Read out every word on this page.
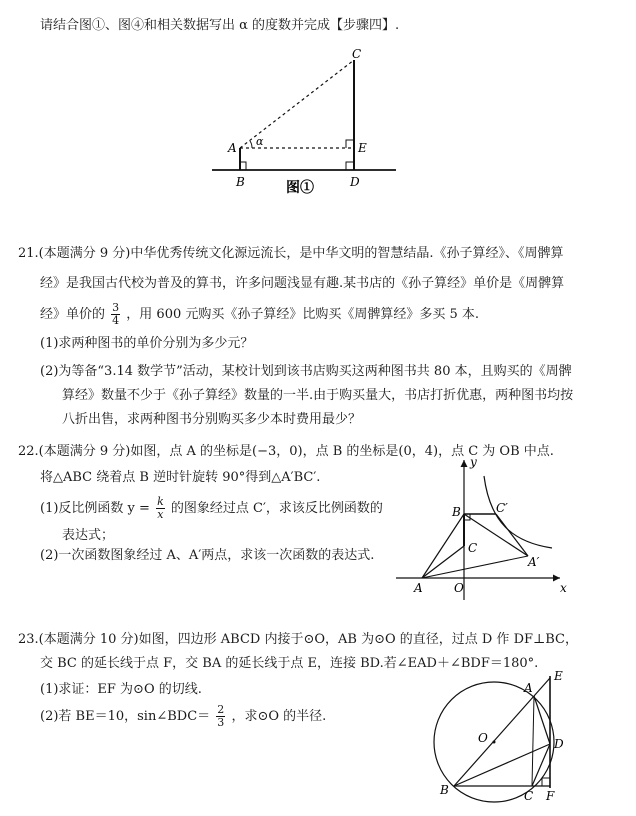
请结合图①、图④和相关数据写出 α 的度数并完成【步骤四】.
C
A α	E
B	D
图①
21.(本题满分 9 分)中华优秀传统文化源远流长，是中华文明的智慧结晶.《孙子算经》、《周髀算
经》是我国古代校为普及的算书，许多问题浅显有趣.某书店的《孙子算经》单价是《周髀算
经》单价的 $\frac{3}{4}$ ，用 600 元购买《孙子算经》比购买《周髀算经》多买 5 本.
(1)求两种图书的单价分别为多少元？
(2)为等备“3.14 数学节”活动，某校计划到该书店购买这两种图书共 80 本，且购买的《周髀
算经》数量不少于《孙子算经》数量的一半.由于购买量大，书店打折优惠，两种图书均按
八折出售，求两种图书分别购买多少本时费用最少？
22.(本题满分 9 分)如图，点 A 的坐标是(−3，0)，点 B 的坐标是(0，4)，点 C 为 OB 中点.
将△ABC 绕着点 B 逆时针旋转 90°得到△A′BC′.
(1)反比例函数 $y = \frac{k}{x}$ 的图象经过点 C′，求该反比例函数的
表达式；
(2)一次函数图象经过 A、A′两点，求该一次函数的表达式.
y
x
B
C
C′
A′
A	O
23.(本题满分 10 分)如图，四边形 ABCD 内接于⊙O，AB 为⊙O 的直径，过点 D 作 DF⊥BC，
交 BC 的延长线于点 F，交 BA 的延长线于点 E，连接 BD.若∠EAD＋∠BDF＝180°.
(1)求证：EF 为⊙O 的切线.
(2)若 BE＝10，sin∠BDC＝ $\frac{2}{3}$ ，求⊙O 的半径.
A
E
O	D
B	C F
